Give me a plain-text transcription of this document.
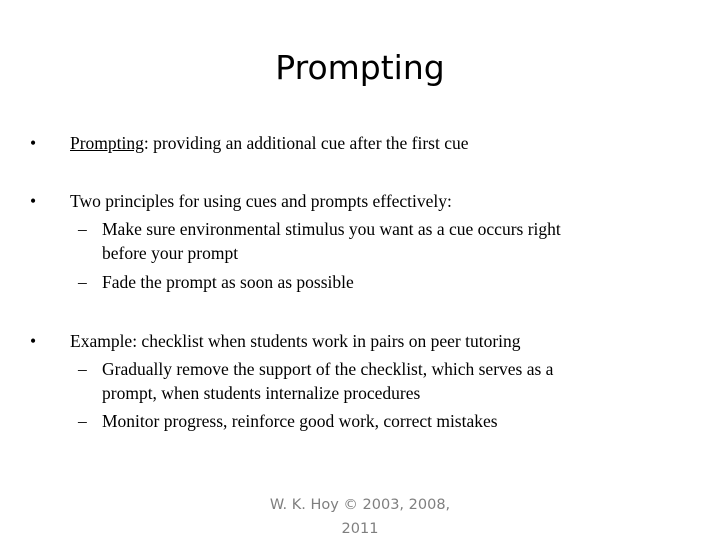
Prompting
• Prompting: providing an additional cue after the first cue
• Two principles for using cues and prompts effectively:
– Make sure environmental stimulus you want as a cue occurs right
before your prompt
– Fade the prompt as soon as possible
• Example: checklist when students work in pairs on peer tutoring
– Gradually remove the support of the checklist, which serves as a
prompt, when students internalize procedures
– Monitor progress, reinforce good work, correct mistakes
W. K. Hoy © 2003, 2008,
2011
